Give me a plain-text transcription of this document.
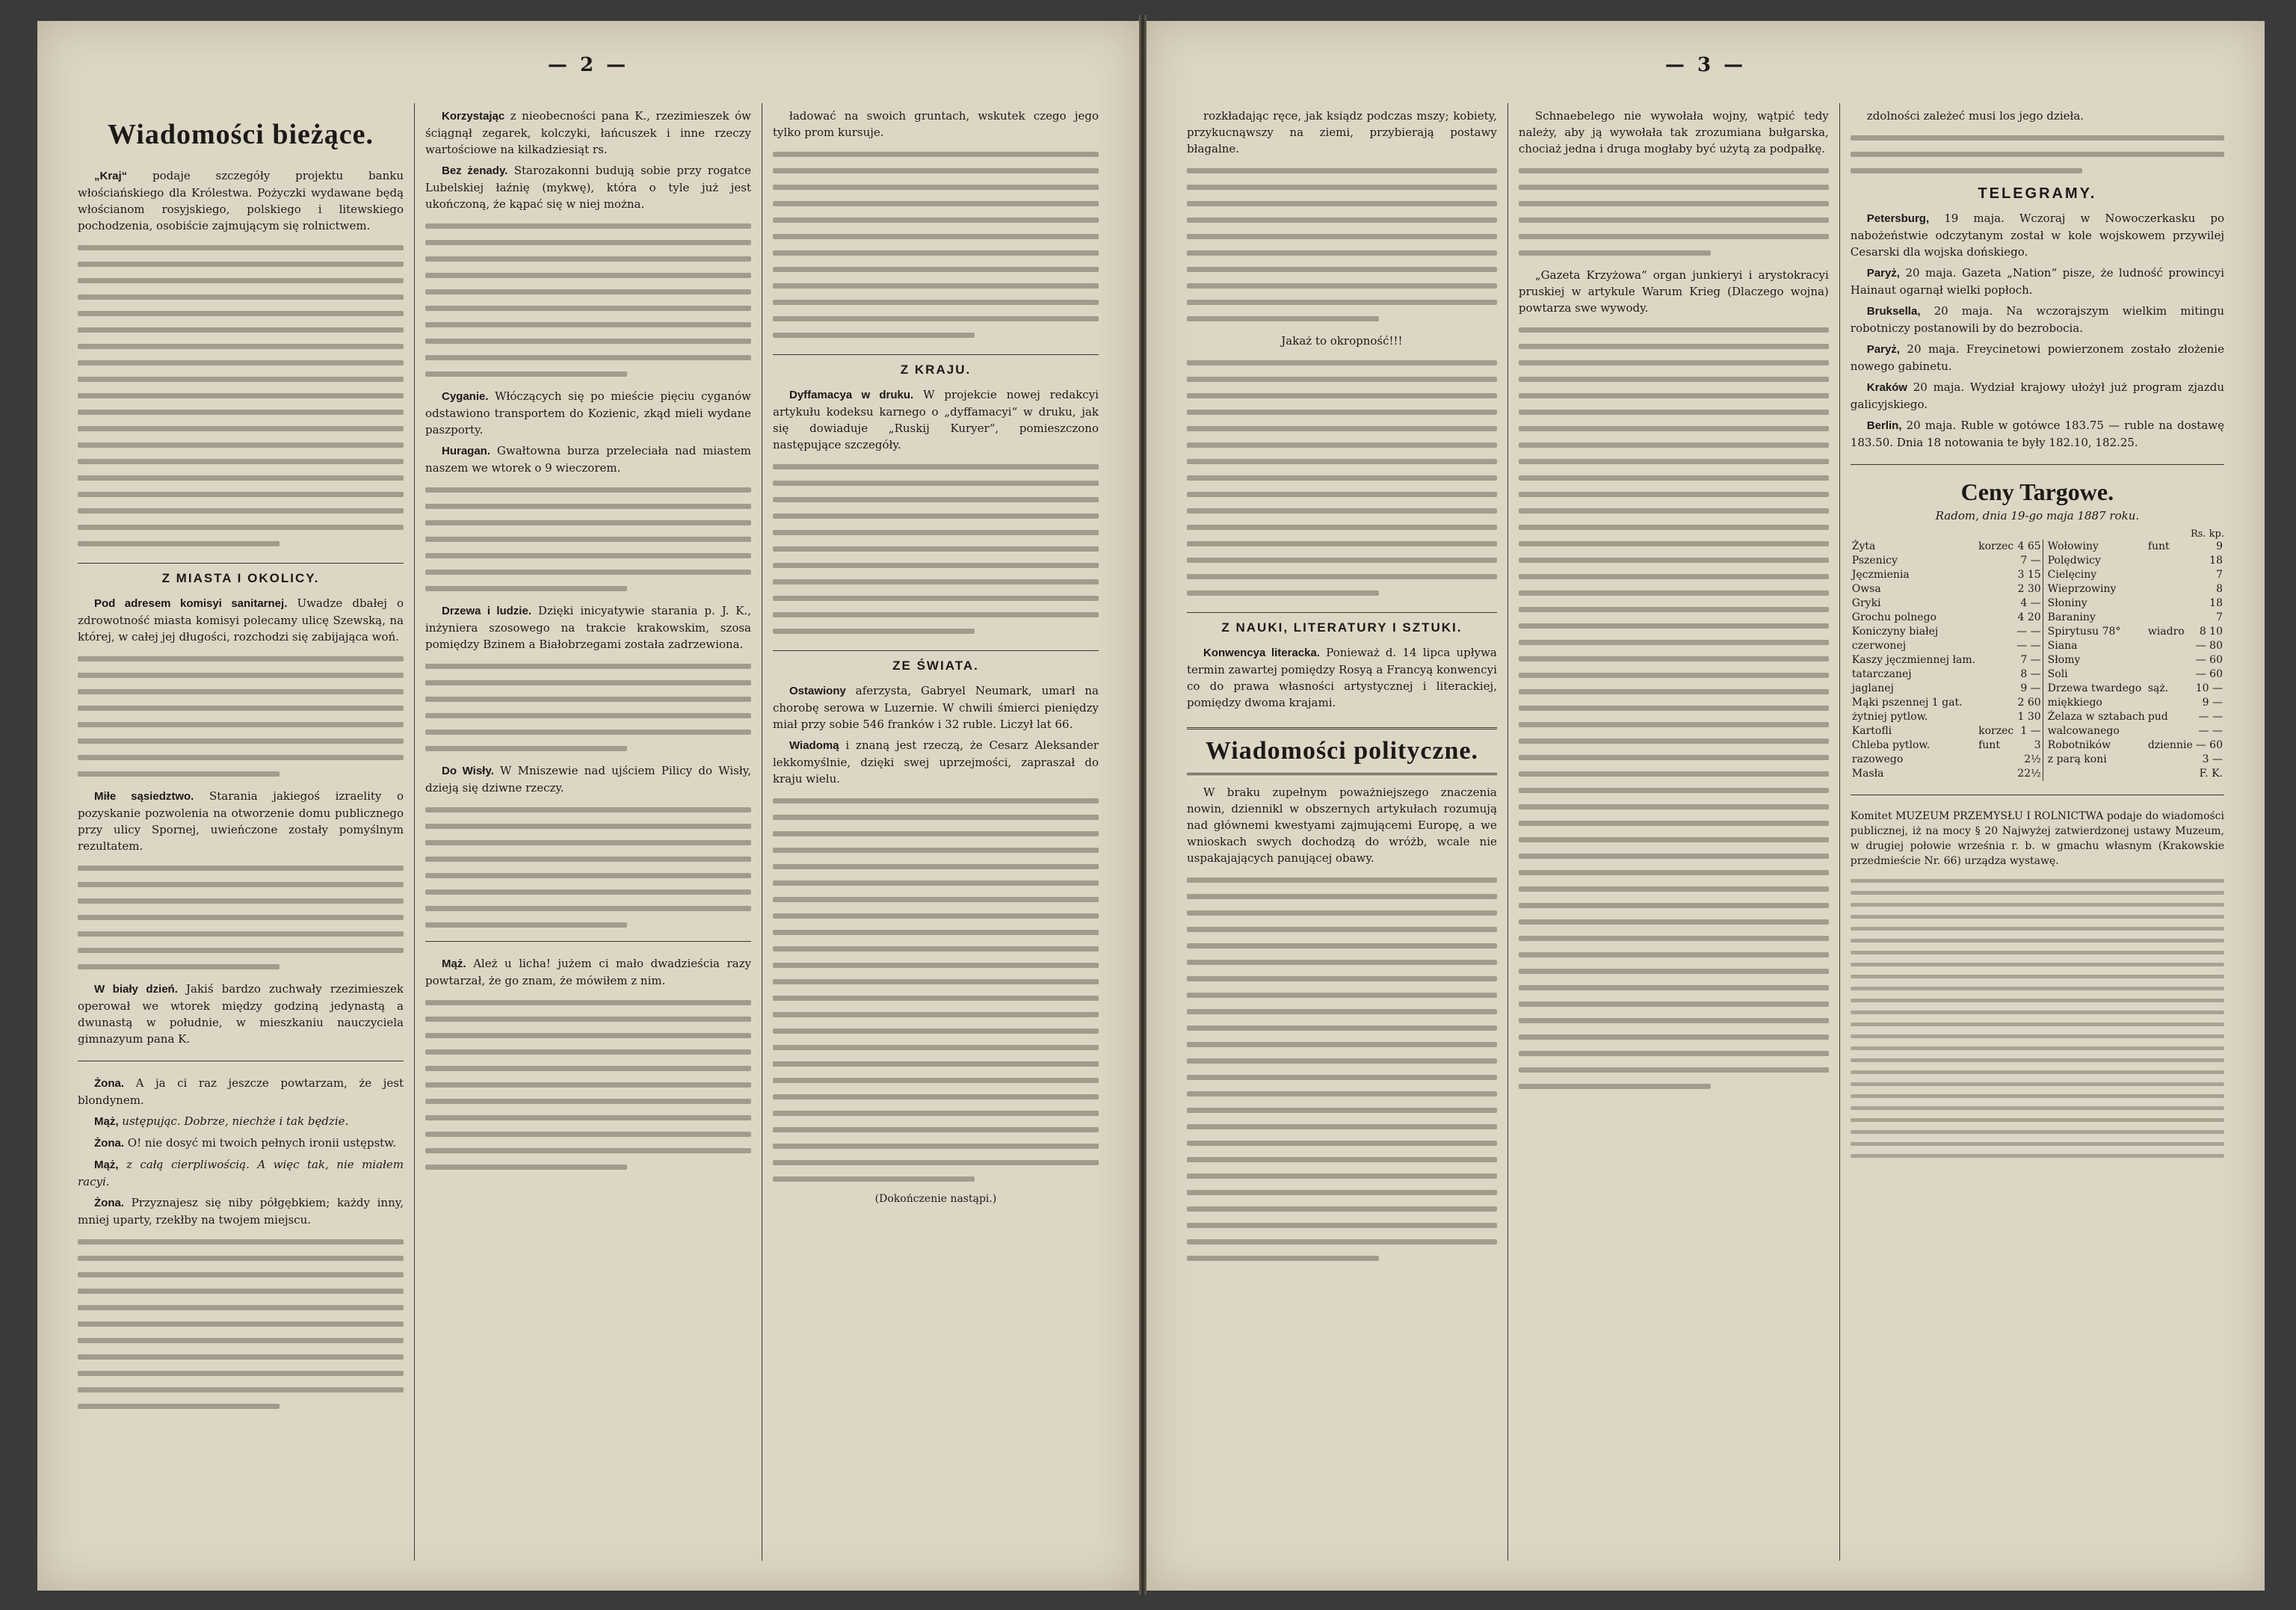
— 2 —
Wiadomości bieżące.

„Kraj“ podaje szczegóły projektu banku włościańskiego dla Królestwa. Pożyczki wydawane będą włościanom rosyjskiego, polskiego i litewskiego pochodzenia, osobiście zajmującym się rolnictwem.

Z MIASTA I OKOLICY.

Pod adresem komisyi sanitarnej. Uwadze dbałej o zdrowotność miasta komisyi polecamy ulicę Szewską, na której, w całej jej długości, rozchodzi się zabijająca woń.

Miłe sąsiedztwo. Starania jakiegoś izraelity o pozyskanie pozwolenia na otworzenie domu publicznego przy ulicy Spornej, uwieńczone zostały pomyślnym rezultatem.

W biały dzień. Jakiś bardzo zuchwały rzezimieszek operował we wtorek między godziną jedynastą a dwunastą w południe, w mieszkaniu nauczyciela gimnazyum pana K.

Żona. A ja ci raz jeszcze powtarzam, że jest blondynem.

Mąż, ustępując. Dobrze, niechże i tak będzie.

Żona. O! nie dosyć mi twoich pełnych ironii ustępstw.

Mąż, z całą cierpliwością. A więc tak, nie miałem racyi.

Żona. Przyznajesz się niby półgębkiem; każdy inny, mniej uparty, rzekłby na twojem miejscu.

Korzystając z nieobecności pana K., rzezimieszek ów ściągnął zegarek, kolczyki, łańcuszek i inne rzeczy wartościowe na kilkadziesiąt rs.

Bez żenady. Starozakonni budują sobie przy rogatce Lubelskiej łaźnię (mykwę), która o tyle już jest ukończoną, że kąpać się w niej można.

Cyganie. Włóczących się po mieście pięciu cyganów odstawiono transportem do Kozienic, zkąd mieli wydane paszporty.

Huragan. Gwałtowna burza przeleciała nad miastem naszem we wtorek o 9 wieczorem.

Drzewa i ludzie. Dzięki inicyatywie starania p. J. K., inżyniera szosowego na trakcie krakowskim, szosa pomiędzy Bzinem a Białobrzegami została zadrzewiona.

Do Wisły. W Mniszewie nad ujściem Pilicy do Wisły, dzieją się dziwne rzeczy.

Mąż. Ależ u licha! jużem ci mało dwadzieścia razy powtarzał, że go znam, że mówiłem z nim.

ładować na swoich gruntach, wskutek czego jego tylko prom kursuje.

Z KRAJU.

Dyffamacya w druku. W projekcie nowej redakcyi artykułu kodeksu karnego o „dyffamacyi“ w druku, jak się dowiaduje „Ruskij Kuryer“, pomieszczono następujące szczegóły.

ZE ŚWIATA.

Ostawiony aferzysta, Gabryel Neumark, umarł na chorobę serowa w Luzernie. W chwili śmierci pieniędzy miał przy sobie 546 franków i 32 ruble. Liczył lat 66.

Wiadomą i znaną jest rzeczą, że Cesarz Aleksander lekkomyślnie, dzięki swej uprzejmości, zapraszał do kraju wielu.

(Dokończenie nastąpi.)
— 3 —

rozkładając ręce, jak ksiądz podczas mszy; kobiety, przykucnąwszy na ziemi, przybierają postawy błagalne.

Jakaż to okropność!!!

Z NAUKI, LITERATURY I SZTUKI.

Konwencya literacka. Ponieważ d. 14 lipca upływa termin zawartej pomiędzy Rosyą a Francyą konwencyi co do prawa własności artystycznej i literackiej, pomiędzy dwoma krajami.

Wiadomości polityczne.

W braku zupełnym poważniejszego znaczenia nowin, dziennikl w obszernych artykułach rozumują nad głównemi kwestyami zajmującemi Europę, a we wnioskach swych dochodzą do wróżb, wcale nie uspakajających panującej obawy.

Schnaebelego nie wywołała wojny, wątpić tedy należy, aby ją wywołała tak zrozumiana bułgarska, chociaż jedna i druga mogłaby być użytą za podpałkę.

„Gazeta Krzyżowa“ organ junkieryi i arystokracyi pruskiej w artykule Warum Krieg (Dlaczego wojna) powtarza swe wywody.

zdolności zależeć musi los jego dzieła.

TELEGRAMY.

Petersburg, 19 maja. Wczoraj w Nowoczerkasku po nabożeństwie odczytanym został w kole wojskowem przywilej Cesarski dla wojska dońskiego.

Paryż, 20 maja. Gazeta „Nation“ pisze, że ludność prowincyi Hainaut ogarnął wielki popłoch.

Bruksella, 20 maja. Na wczorajszym wielkim mitingu robotniczy postanowili by do bezrobocia.

Paryż, 20 maja. Freycinetowi powierzonem zostało złożenie nowego gabinetu.

Kraków 20 maja. Wydział krajowy ułożył już program zjazdu galicyjskiego.

Berlin, 20 maja. Ruble w gotówce 183.75 — ruble na dostawę 183.50. Dnia 18 notowania te były 182.10, 182.25.

Ceny Targowe.
Radom, dnia 19-go maja 1887 roku.
Rs. kp.
Żyta	korzec	4 65	Wołowiny	funt	9
Pszenicy		7 —	Polędwicy		18
Jęczmienia		3 15	Cielęciny		7
Owsa		2 30	Wieprzowiny		8
Gryki		4 —	Słoniny		18
Grochu polnego		4 20	Baraniny		7
Koniczyny białej		— —	Spirytusu 78°	wiadro	8 10
czerwonej		— —	Siana		— 80
Kaszy jęczmiennej łam.		7 —	Słomy		— 60
tatarczanej		8 —	Soli		— 60
jaglanej		9 —	Drzewa twardego	sąż.	10 —
Mąki pszennej 1 gat.		2 60	miękkiego		9 —
żytniej pytlow.		1 30	Żelaza w sztabach	pud	— —
Kartofli	korzec	1 —	walcowanego		— —
Chleba pytlow.	funt	3	Robotników	dziennie	— 60
razowego		2½	z parą koni		3 —
Masła		22½			F. K.

Komitet MUZEUM PRZEMYSŁU I ROLNICTWA podaje do wiadomości publicznej, iż na mocy § 20 Najwyżej zatwierdzonej ustawy Muzeum, w drugiej połowie września r. b. w gmachu własnym (Krakowskie przedmieście Nr. 66) urządza wystawę.
